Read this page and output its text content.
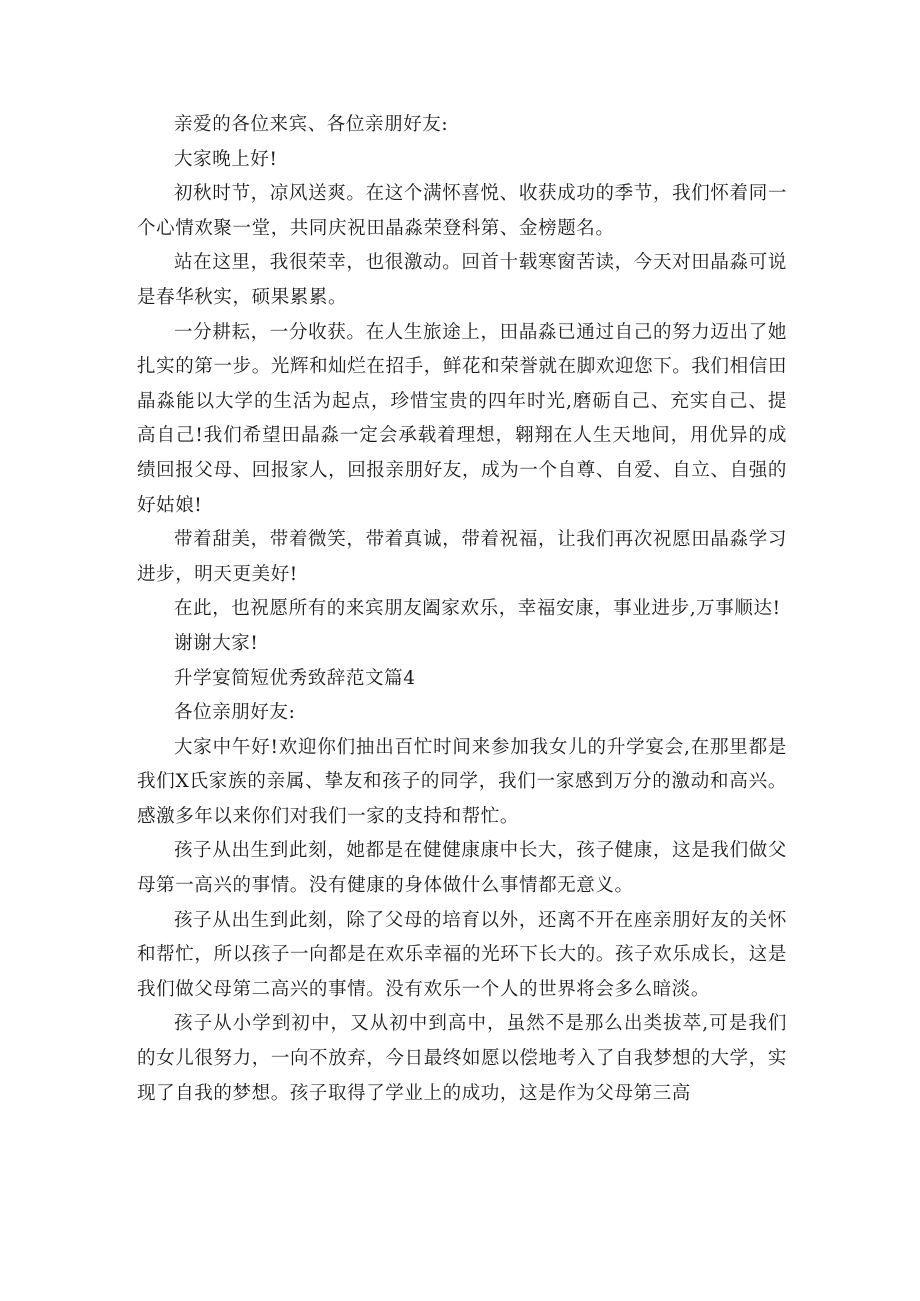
亲爱的各位来宾、各位亲朋好友:

大家晚上好!

初秋时节，凉风送爽。在这个满怀喜悦、收获成功的季节，我们怀着同一个心情欢聚一堂，共同庆祝田晶淼荣登科第、金榜题名。

站在这里，我很荣幸，也很激动。回首十载寒窗苦读，今天对田晶淼可说是春华秋实，硕果累累。

一分耕耘，一分收获。在人生旅途上，田晶淼已通过自己的努力迈出了她扎实的第一步。光辉和灿烂在招手，鲜花和荣誉就在脚欢迎您下。我们相信田晶淼能以大学的生活为起点，珍惜宝贵的四年时光,磨砺自己、充实自己、提高自己!我们希望田晶淼一定会承载着理想，翱翔在人生天地间，用优异的成绩回报父母、回报家人，回报亲朋好友，成为一个自尊、自爱、自立、自强的好姑娘!

带着甜美，带着微笑，带着真诚，带着祝福，让我们再次祝愿田晶淼学习进步，明天更美好!

在此，也祝愿所有的来宾朋友阖家欢乐，幸福安康，事业进步,万事顺达!

谢谢大家!

升学宴简短优秀致辞范文篇4

各位亲朋好友:

大家中午好!欢迎你们抽出百忙时间来参加我女儿的升学宴会,在那里都是我们X氏家族的亲属、挚友和孩子的同学，我们一家感到万分的激动和高兴。感激多年以来你们对我们一家的支持和帮忙。

孩子从出生到此刻，她都是在健健康康中长大，孩子健康，这是我们做父母第一高兴的事情。没有健康的身体做什么事情都无意义。

孩子从出生到此刻，除了父母的培育以外，还离不开在座亲朋好友的关怀和帮忙，所以孩子一向都是在欢乐幸福的光环下长大的。孩子欢乐成长，这是我们做父母第二高兴的事情。没有欢乐一个人的世界将会多么暗淡。

孩子从小学到初中，又从初中到高中，虽然不是那么出类拔萃,可是我们的女儿很努力，一向不放弃，今日最终如愿以偿地考入了自我梦想的大学，实现了自我的梦想。孩子取得了学业上的成功，这是作为父母第三高
